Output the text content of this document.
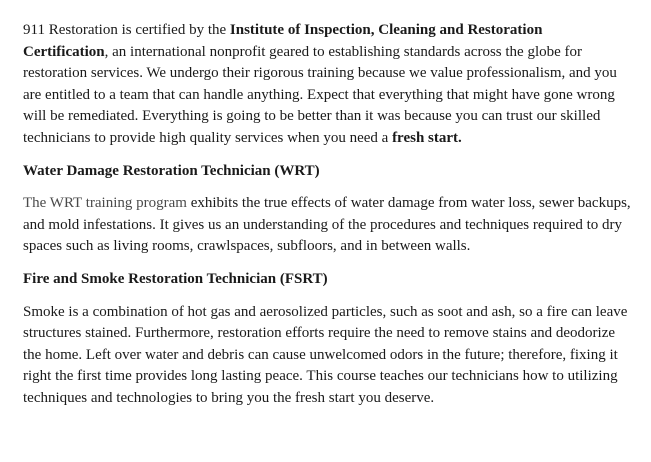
911 Restoration is certified by the Institute of Inspection, Cleaning and Restoration Certification, an international nonprofit geared to establishing standards across the globe for restoration services. We undergo their rigorous training because we value professionalism, and you are entitled to a team that can handle anything. Expect that everything that might have gone wrong will be remediated. Everything is going to be better than it was because you can trust our skilled technicians to provide high quality services when you need a fresh start.

Water Damage Restoration Technician (WRT)

The WRT training program exhibits the true effects of water damage from water loss, sewer backups, and mold infestations. It gives us an understanding of the procedures and techniques required to dry spaces such as living rooms, crawlspaces, subfloors, and in between walls.

Fire and Smoke Restoration Technician (FSRT)

Smoke is a combination of hot gas and aerosolized particles, such as soot and ash, so a fire can leave structures stained. Furthermore, restoration efforts require the need to remove stains and deodorize the home. Left over water and debris can cause unwelcomed odors in the future; therefore, fixing it right the first time provides long lasting peace. This course teaches our technicians how to utilizing techniques and technologies to bring you the fresh start you deserve.
